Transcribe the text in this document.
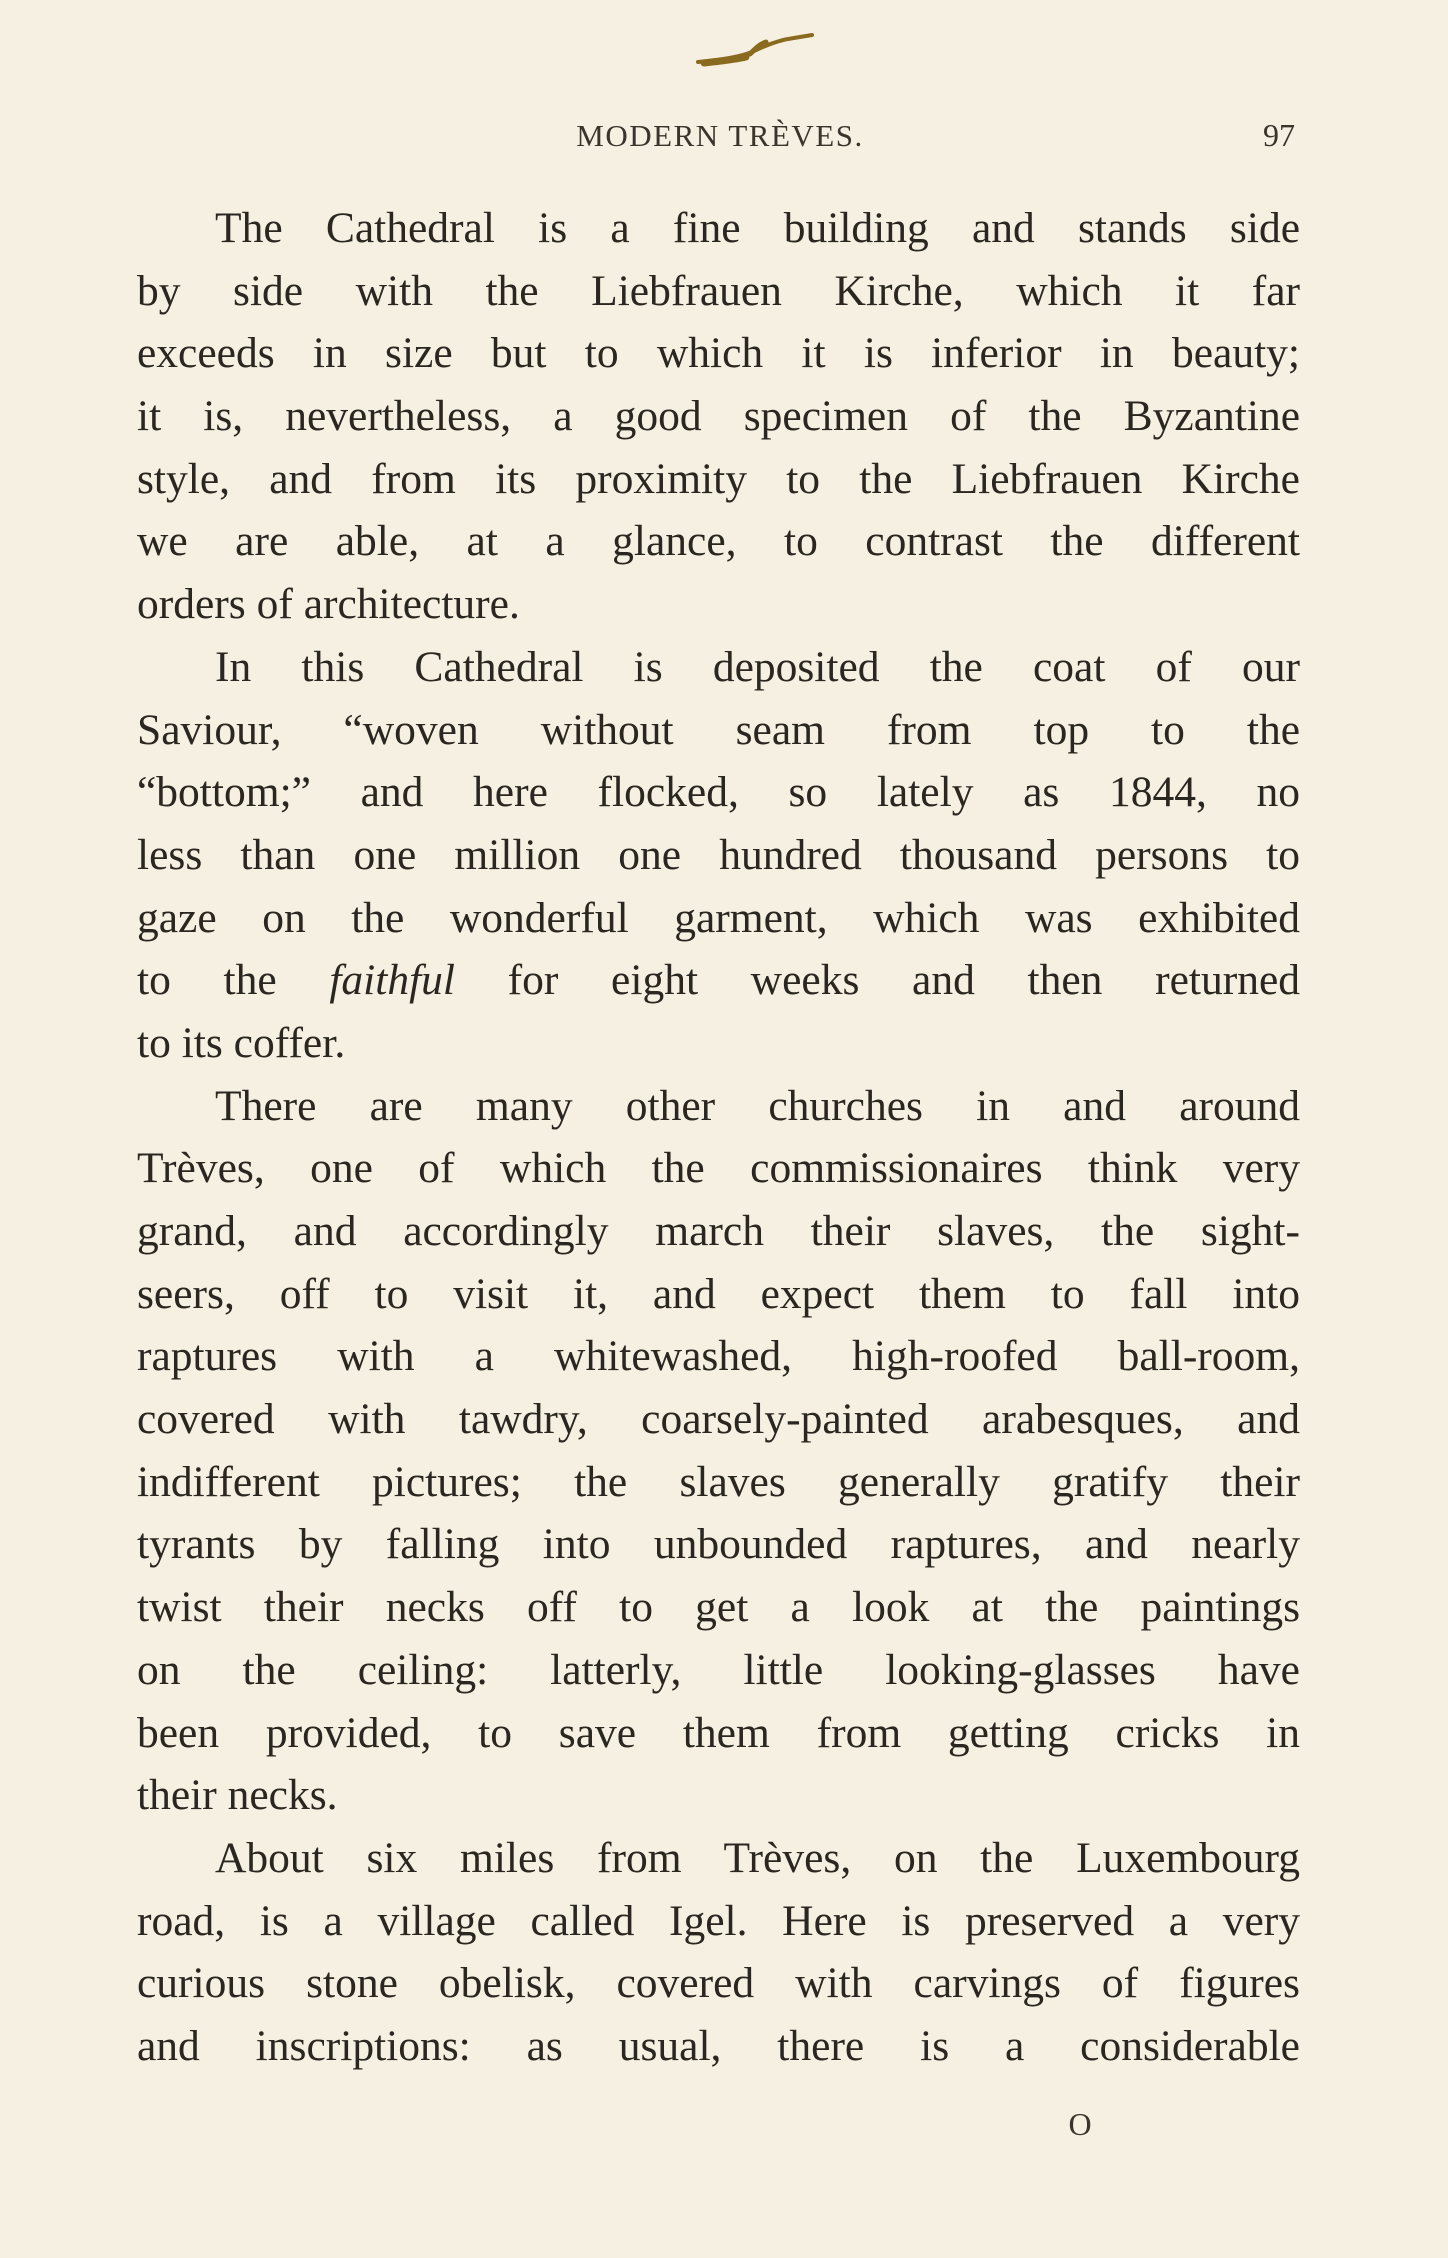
MODERN TRÈVES.	97
The Cathedral is a fine building and stands side
by side with the Liebfrauen Kirche, which it far
exceeds in size but to which it is inferior in beauty;
it is, nevertheless, a good specimen of the Byzantine
style, and from its proximity to the Liebfrauen Kirche
we are able, at a glance, to contrast the different
orders of architecture.
In this Cathedral is deposited the coat of our
Saviour, “woven without seam from top to the
“bottom;” and here flocked, so lately as 1844, no
less than one million one hundred thousand persons to
gaze on the wonderful garment, which was exhibited
to the faithful for eight weeks and then returned
to its coffer.
There are many other churches in and around
Trèves, one of which the commissionaires think very
grand, and accordingly march their slaves, the sight-
seers, off to visit it, and expect them to fall into
raptures with a whitewashed, high-roofed ball-room,
covered with tawdry, coarsely-painted arabesques, and
indifferent pictures; the slaves generally gratify their
tyrants by falling into unbounded raptures, and nearly
twist their necks off to get a look at the paintings
on the ceiling: latterly, little looking-glasses have
been provided, to save them from getting cricks in
their necks.
About six miles from Trèves, on the Luxembourg
road, is a village called Igel. Here is preserved a very
curious stone obelisk, covered with carvings of figures
and inscriptions: as usual, there is a considerable
O
